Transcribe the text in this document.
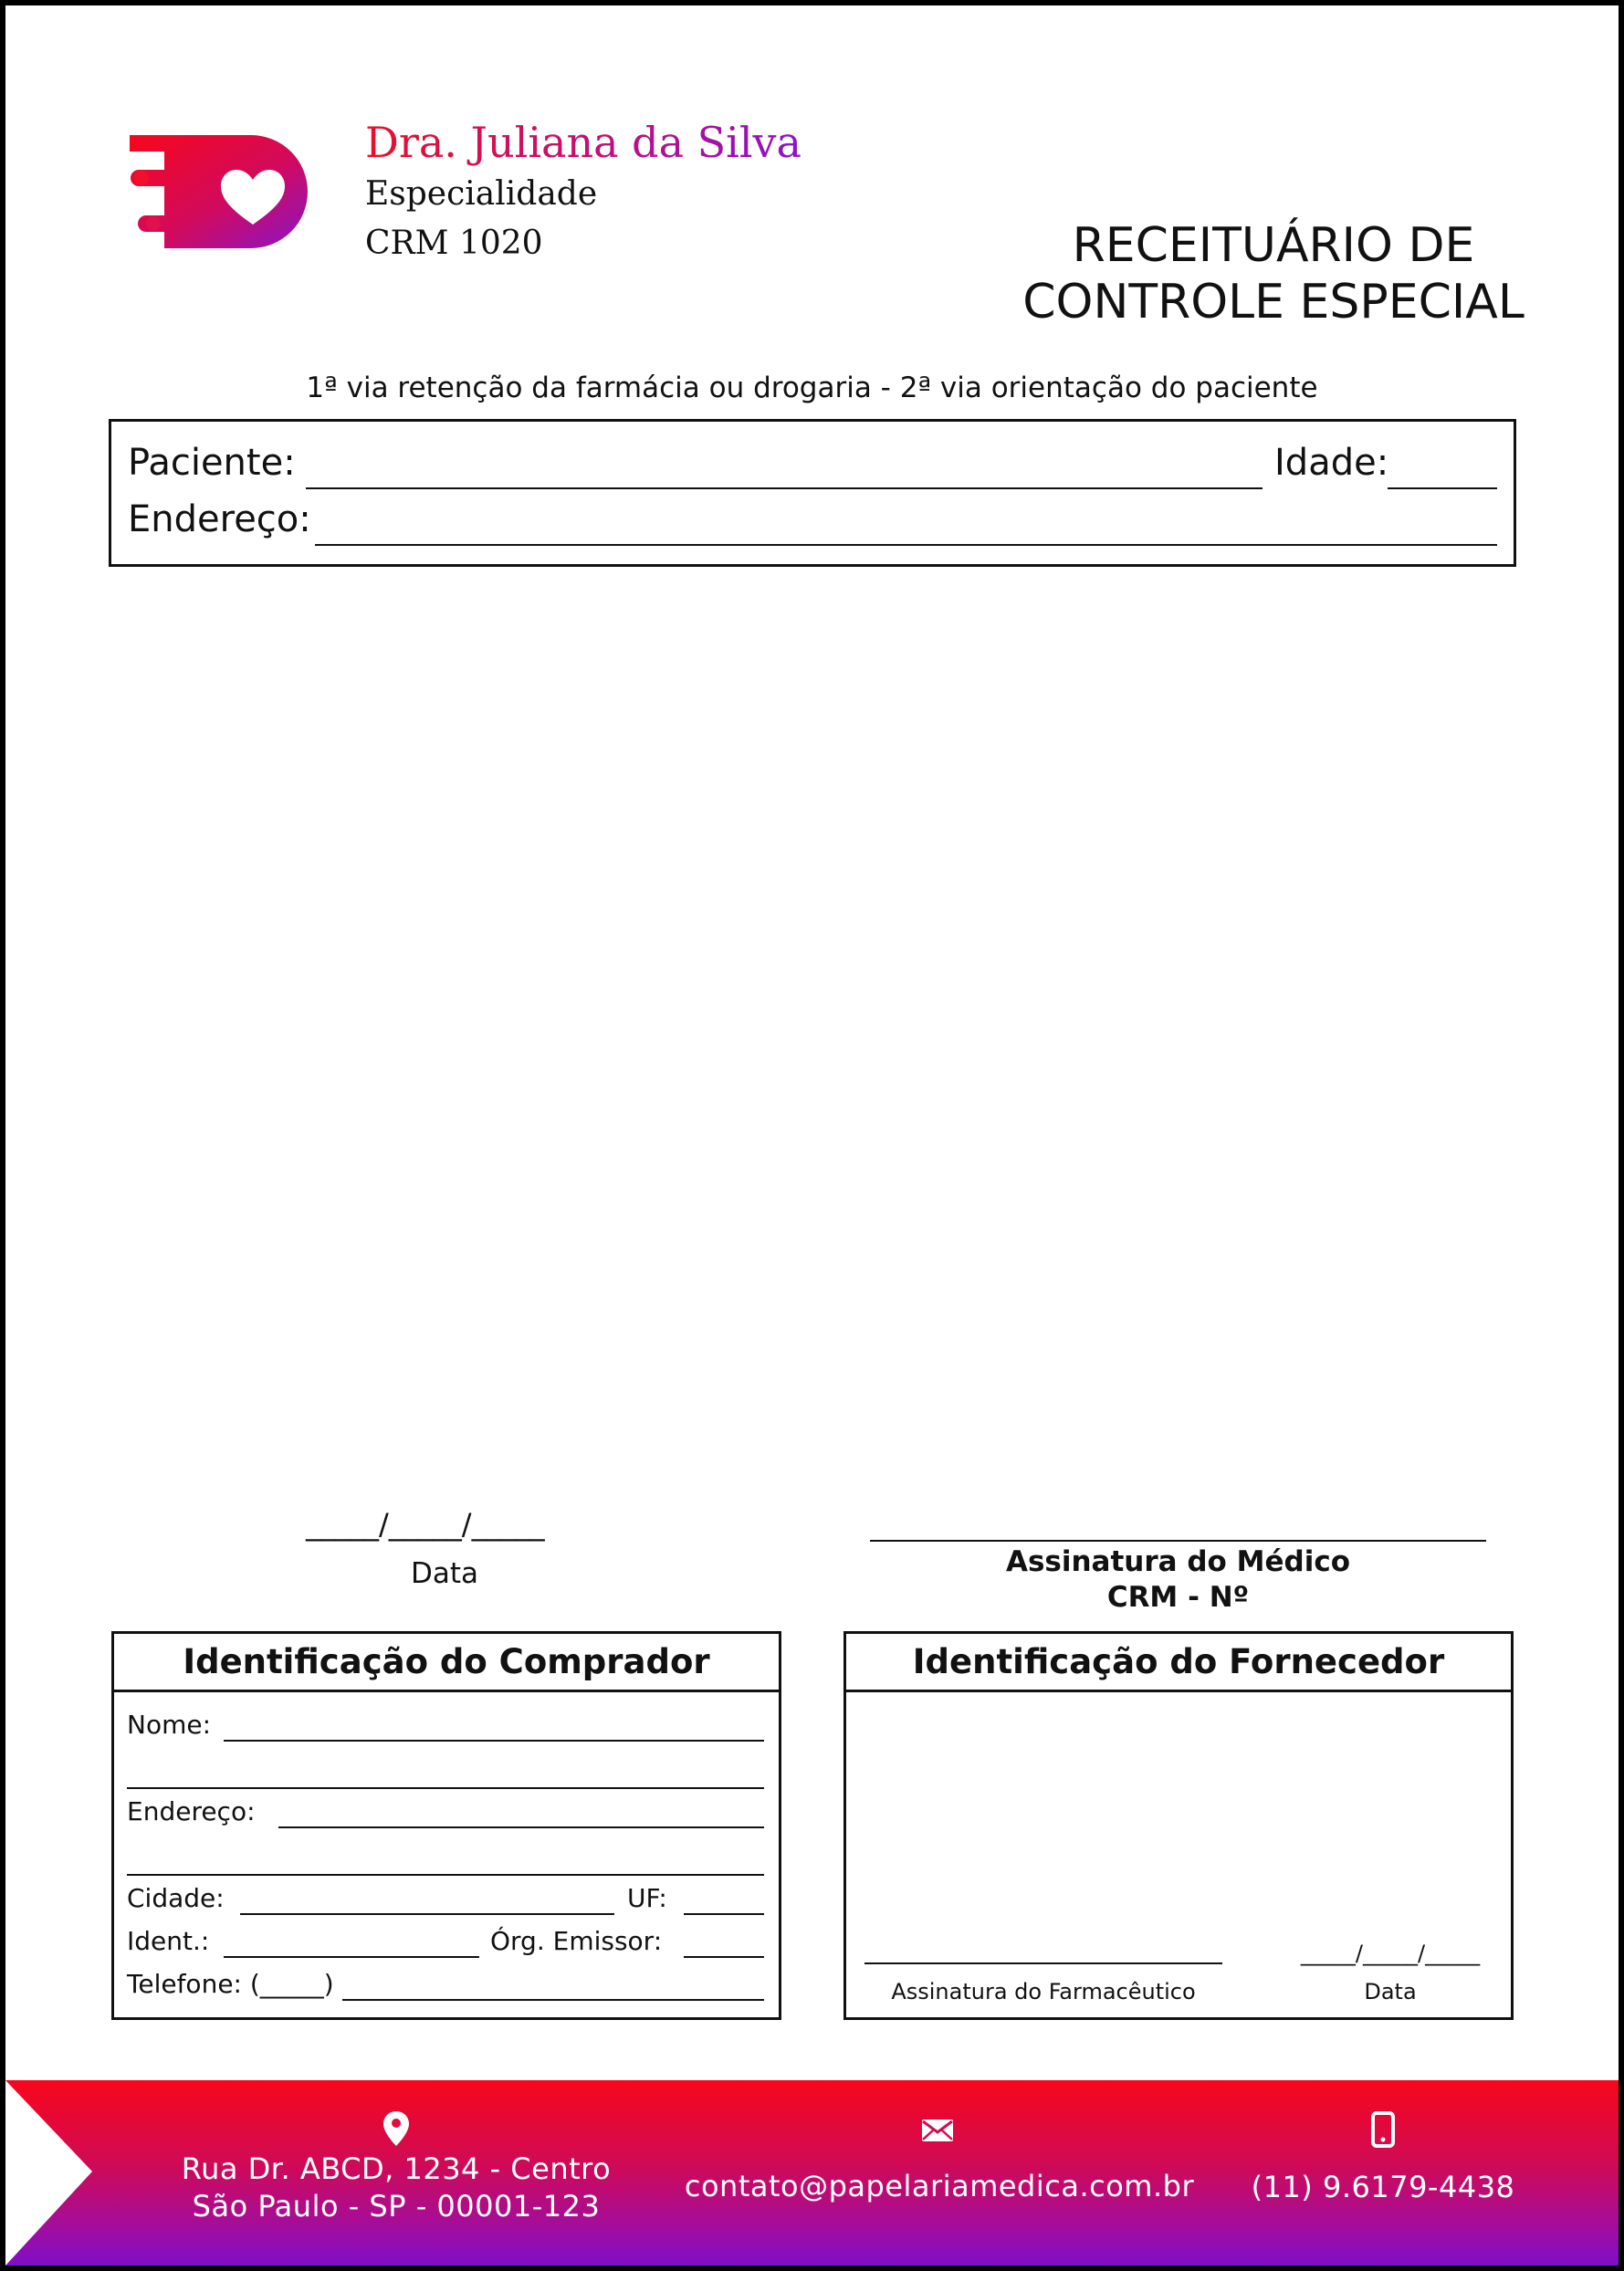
Dra. Juliana da Silva
Especialidade
CRM 1020	RECEITUÁRIO DE
CONTROLE ESPECIAL
1ª via retenção da farmácia ou drogaria - 2ª via orientação do paciente
Paciente:	Idade:
Endereço:
_____/_____/_____
Data	Assinatura do Médico
CRM - Nº
Identificação do Comprador
Nome:
Endereço:
Cidade:	UF:
Ident.:	Órg. Emissor:
Telefone: (_____)
Identificação do Fornecedor
Assinatura do Farmacêutico
_____/_____/_____
Data
Rua Dr. ABCD, 1234 - Centro
São Paulo - SP - 00001-123
contato@papelariamedica.com.br	(11) 9.6179-4438
